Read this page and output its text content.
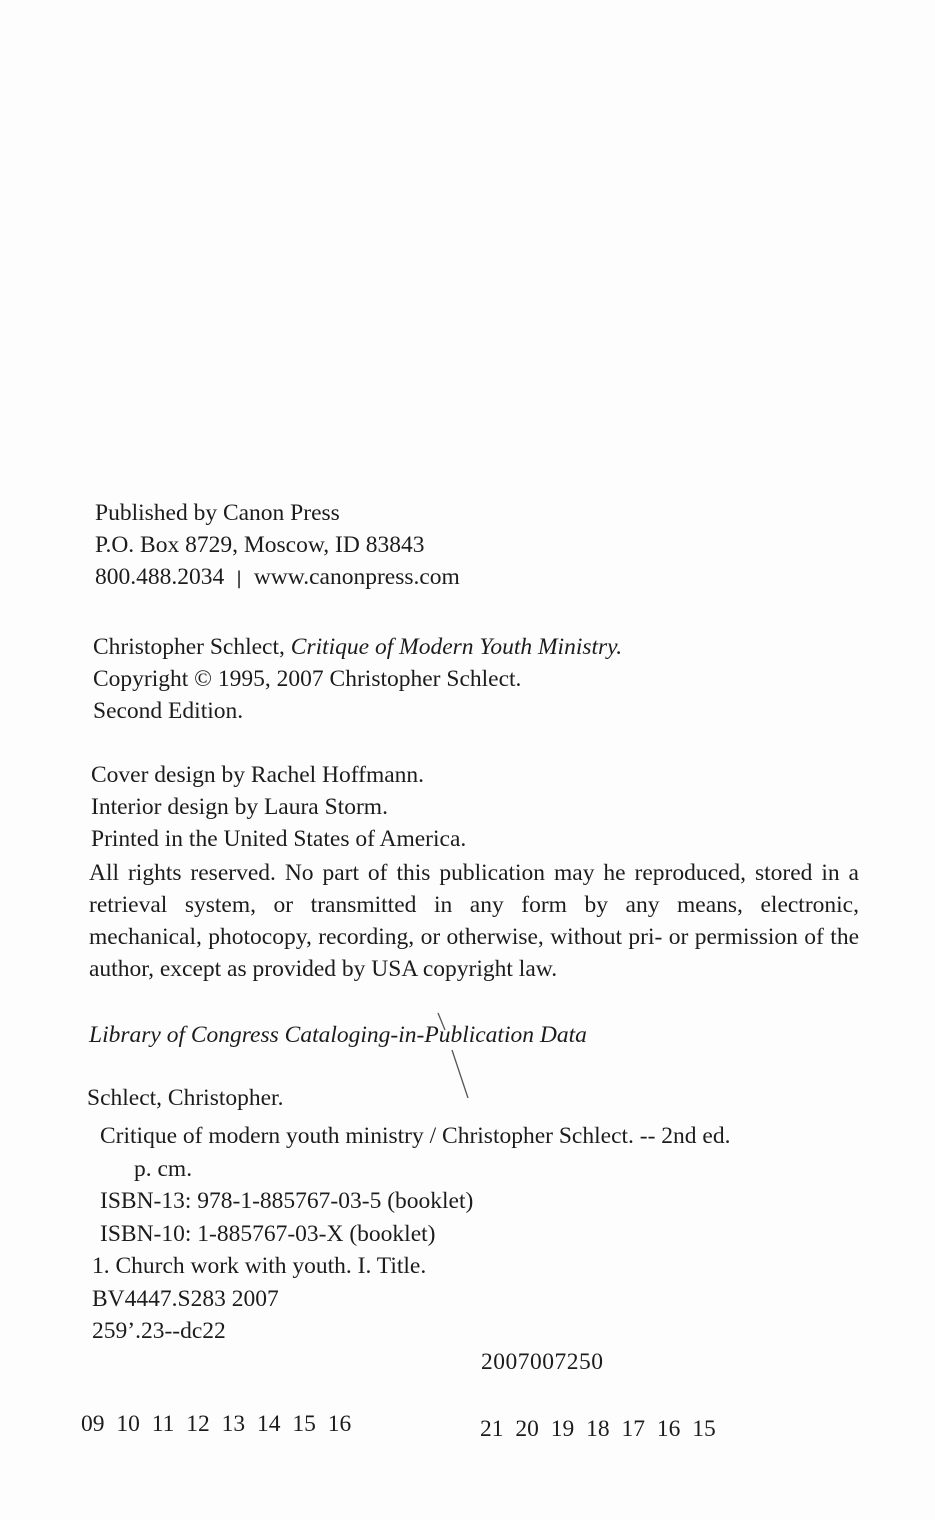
Published by Canon Press
P.O. Box 8729, Moscow, ID 83843
800.488.2034 | www.canonpress.com
Christopher Schlect, Critique of Modern Youth Ministry.
Copyright © 1995, 2007 Christopher Schlect.
Second Edition.
Cover design by Rachel Hoffmann.
Interior design by Laura Storm.
Printed in the United States of America.
All rights reserved. No part of this publication may he reproduced, stored in a retrieval system, or transmitted in any form by any means, electronic, mechanical, photocopy, recording, or otherwise, without pri- or permission of the author, except as provided by USA copyright law.
Library of Congress Cataloging-in-Publication Data
Schlect, Christopher.
Critique of modern youth ministry / Christopher Schlect. -- 2nd ed.
p. cm.
ISBN-13: 978-1-885767-03-5 (booklet)
ISBN-10: 1-885767-03-X (booklet)
1. Church work with youth. I. Title.
BV4447.S283 2007
259’.23--dc22
2007007250
09 10 11 12 13 14 15 16	21 20 19 18 17 16 15
